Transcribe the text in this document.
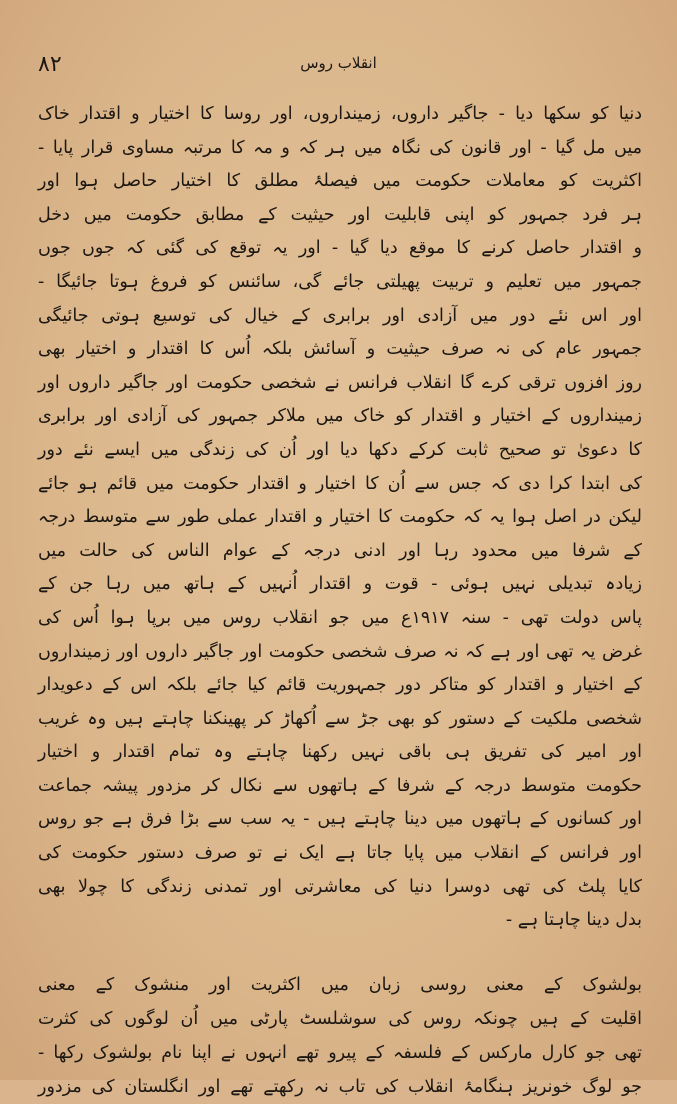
۸۲	انقلاب روس
دنیا کو سکھا دیا - جاگیر داروں، زمینداروں، اور روسا کا اختیار و اقتدار خاک
میں مل گیا - اور قانون کی نگاہ میں ہر کہ و مہ کا مرتبہ مساوی قرار پایا -
اکثریت کو معاملات حکومت میں فیصلۂ مطلق کا اختیار حاصل ہوا اور
ہر فرد جمہور کو اپنی قابلیت اور حیثیت کے مطابق حکومت میں دخل
و اقتدار حاصل کرنے کا موقع دیا گیا - اور یہ توقع کی گئی کہ جوں جوں
جمہور میں تعلیم و تربیت پھیلتی جائے گی، سائنس کو فروغ ہوتا جائیگا -
اور اس نئے دور میں آزادی اور برابری کے خیال کی توسیع ہوتی جائیگی
جمہور عام کی نہ صرف حیثیت و آسائش بلکہ اُس کا اقتدار و اختیار بھی
روز افزوں ترقی کرے گا انقلاب فرانس نے شخصی حکومت اور جاگیر داروں اور
زمینداروں کے اختیار و اقتدار کو خاک میں ملاکر جمہور کی آزادی اور برابری
کا دعویٰ تو صحیح ثابت کرکے دکھا دیا اور اُن کی زندگی میں ایسے نئے دور
کی ابتدا کرا دی کہ جس سے اُن کا اختیار و اقتدار حکومت میں قائم ہو جائے
لیکن در اصل ہوا یہ کہ حکومت کا اختیار و اقتدار عملی طور سے متوسط درجہ
کے شرفا میں محدود رہا اور ادنی درجہ کے عوام الناس کی حالت میں
زیادہ تبدیلی نہیں ہوئی - قوت و اقتدار اُنہیں کے ہاتھ میں رہا جن کے
پاس دولت تھی - سنہ ۱۹۱۷ع میں جو انقلاب روس میں برپا ہوا اُس کی
غرض یہ تھی اور ہے کہ نہ صرف شخصی حکومت اور جاگیر داروں اور زمینداروں
کے اختیار و اقتدار کو متاکر دور جمہوریت قائم کیا جائے بلکہ اس کے دعویدار
شخصی ملکیت کے دستور کو بھی جڑ سے اُکھاڑ کر پھینکنا چاہتے ہیں وہ غریب
اور امیر کی تفریق ہی باقی نہیں رکھنا چاہتے وہ تمام اقتدار و اختیار
حکومت متوسط درجہ کے شرفا کے ہاتھوں سے نکال کر مزدور پیشہ جماعت
اور کسانوں کے ہاتھوں میں دینا چاہتے ہیں - یہ سب سے بڑا فرق ہے جو روس
اور فرانس کے انقلاب میں پایا جاتا ہے ایک نے تو صرف دستور حکومت کی
کایا پلٹ کی تھی دوسرا دنیا کی معاشرتی اور تمدنی زندگی کا چولا بھی
بدل دینا چاہتا ہے -
بولشوک کے معنی روسی زبان میں اکثریت اور منشوک کے معنی
اقلیت کے ہیں چونکہ روس کی سوشلسٹ پارٹی میں اُن لوگوں کی کثرت
تھی جو کارل مارکس کے فلسفہ کے پیرو تھے انہوں نے اپنا نام بولشوک رکھا -
جو لوگ خونریز ہنگامۂ انقلاب کی تاب نہ رکھتے تھے اور انگلستان کی مزدور
